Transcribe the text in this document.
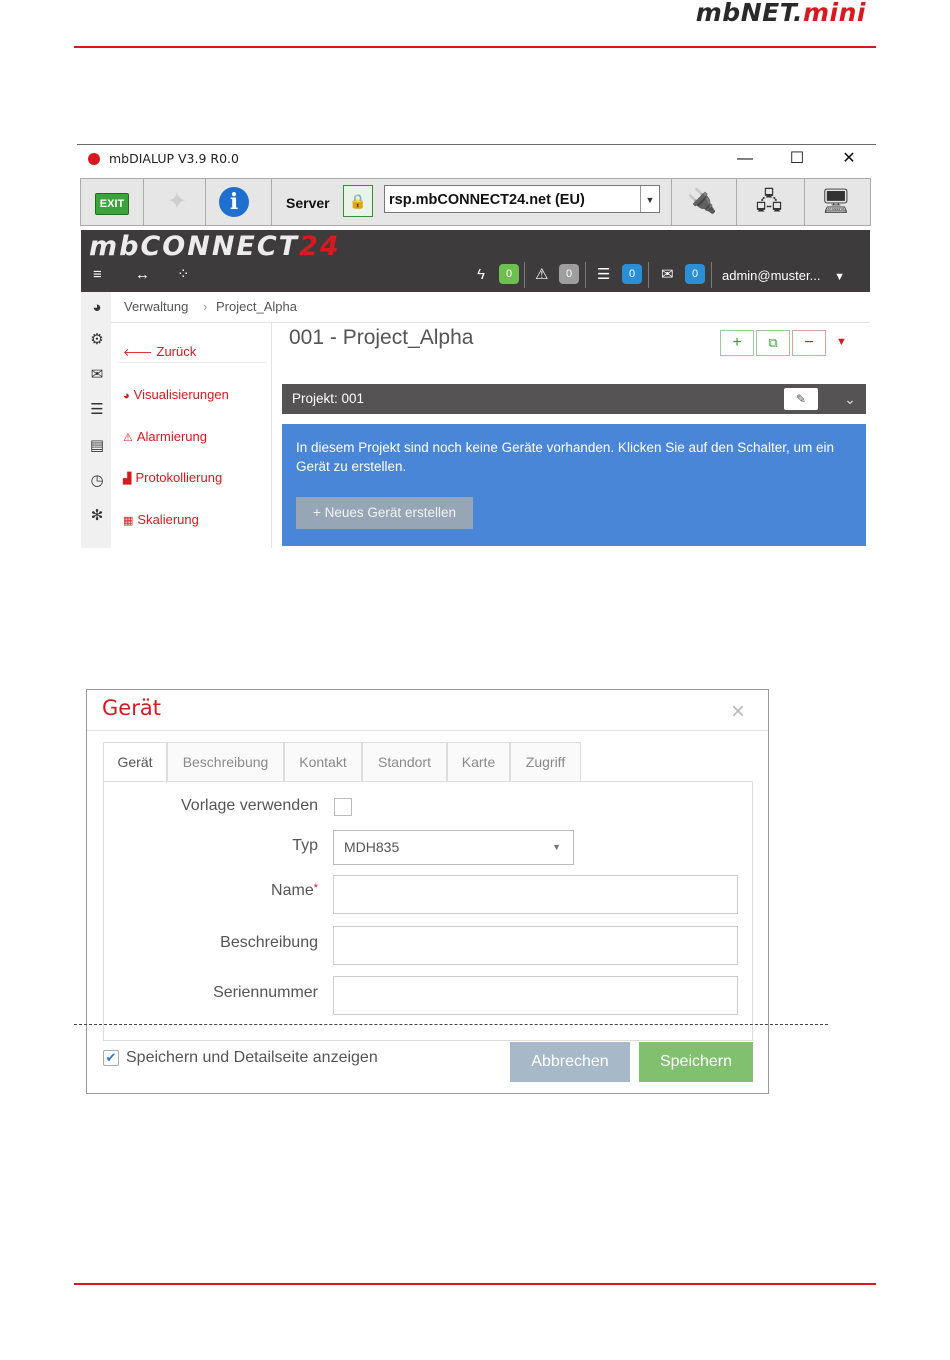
mbNET.mini
mbDIALUP V3.9 R0.0	—	☐	✕
EXIT	✦	i	Server	🔒	rsp.mbCONNECT24.net (EU)	▼ 🔌 🖧 🖥
mbCONNECT24
≡ ↔ ⁘	ϟ	0	⚠	0	☰	0	✉	0	admin@muster... ▼
Verwaltung › Project_Alpha
◕
⚙
✉
☰
▤
◷
✻
🡐 Zurück
◕ Visualisierungen
⚠ Alarmierung
▟ Protokollierung
▦ Skalierung
001 - Project_Alpha	+	⧉	−	▼
Projekt: 001	✎	⌄
In diesem Projekt sind noch keine Geräte vorhanden. Klicken Sie auf den Schalter, um ein Gerät zu erstellen.
+ Neues Gerät erstellen
Gerät	×
Gerät	Beschreibung	Kontakt	Standort	Karte	Zugriff
Vorlage verwenden
Typ	MDH835	▼
Name*
Beschreibung
Seriennummer
✔ Speichern und Detailseite anzeigen	Abbrechen	Speichern
